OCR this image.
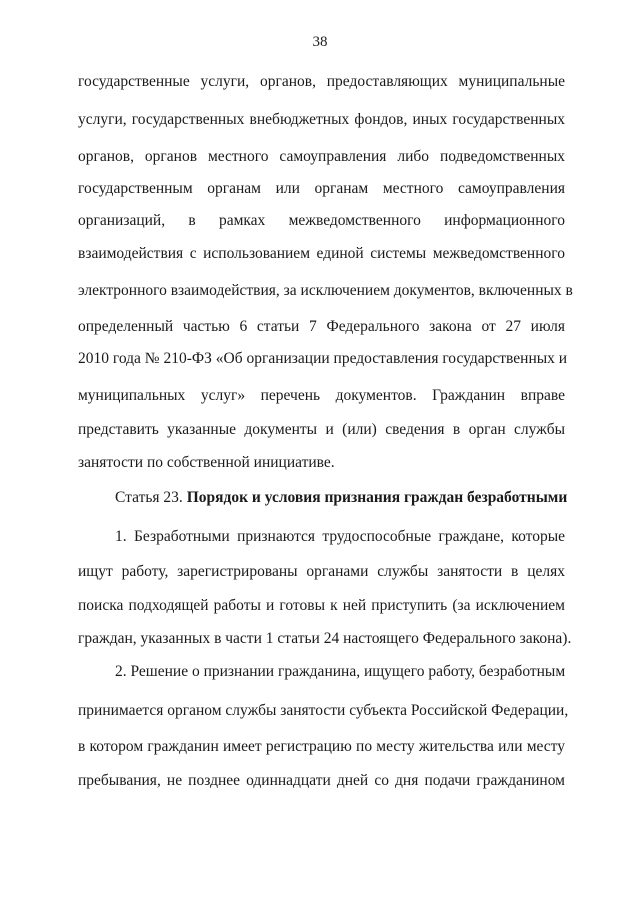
38
государственные услуги, органов, предоставляющих муниципальные
услуги, государственных внебюджетных фондов, иных государственных
органов, органов местного самоуправления либо подведомственных
государственным органам или органам местного самоуправления
организаций, в рамках межведомственного информационного
взаимодействия с использованием единой системы межведомственного
электронного взаимодействия, за исключением документов, включенных в
определенный частью 6 статьи 7 Федерального закона от 27 июля
2010 года № 210-ФЗ «Об организации предоставления государственных и
муниципальных услуг» перечень документов. Гражданин вправе
представить указанные документы и (или) сведения в орган службы
занятости по собственной инициативе.
Статья 23. Порядок и условия признания граждан безработными
1. Безработными признаются трудоспособные граждане, которые
ищут работу, зарегистрированы органами службы занятости в целях
поиска подходящей работы и готовы к ней приступить (за исключением
граждан, указанных в части 1 статьи 24 настоящего Федерального закона).
2. Решение о признании гражданина, ищущего работу, безработным
принимается органом службы занятости субъекта Российской Федерации,
в котором гражданин имеет регистрацию по месту жительства или месту
пребывания, не позднее одиннадцати дней со дня подачи гражданином
